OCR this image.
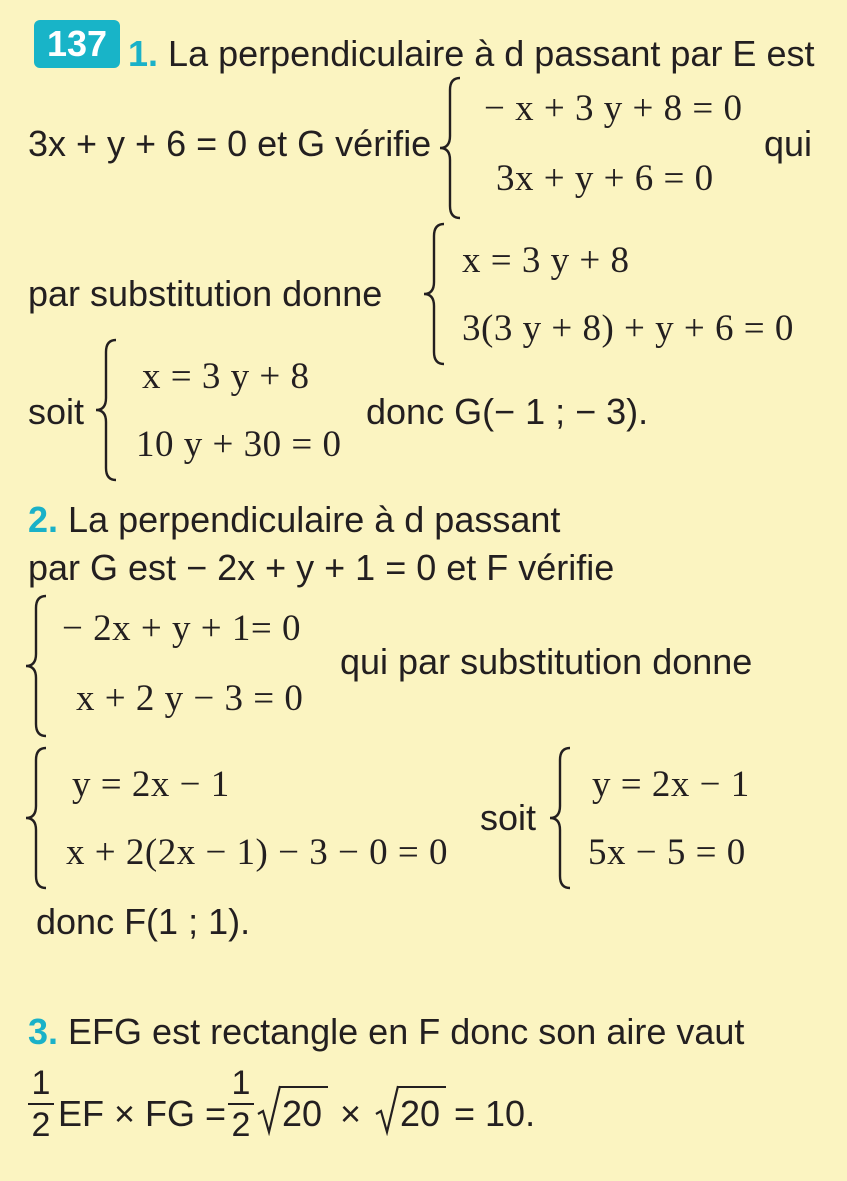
137 1. La perpendiculaire à d passant par E est
3x + y + 6 = 0 et G vérifie
− x + 3 y + 8 = 0
3x + y + 6 = 0
qui
par substitution donne
x = 3 y + 8
3(3 y + 8) + y + 6 = 0
soit
x = 3 y + 8
10 y + 30 = 0
donc G(− 1 ; − 3).
2. La perpendiculaire à d passant
par G est − 2x + y + 1 = 0 et F vérifie
− 2x + y + 1= 0
x + 2 y − 3 = 0
qui par substitution donne
y = 2x − 1
x + 2(2x − 1) − 3 − 0 = 0
soit
y = 2x − 1
5x − 5 = 0
donc F(1 ; 1).
3. EFG est rectangle en F donc son aire vaut
1
2 EF × FG =
1
2 20 × 20 = 10.
